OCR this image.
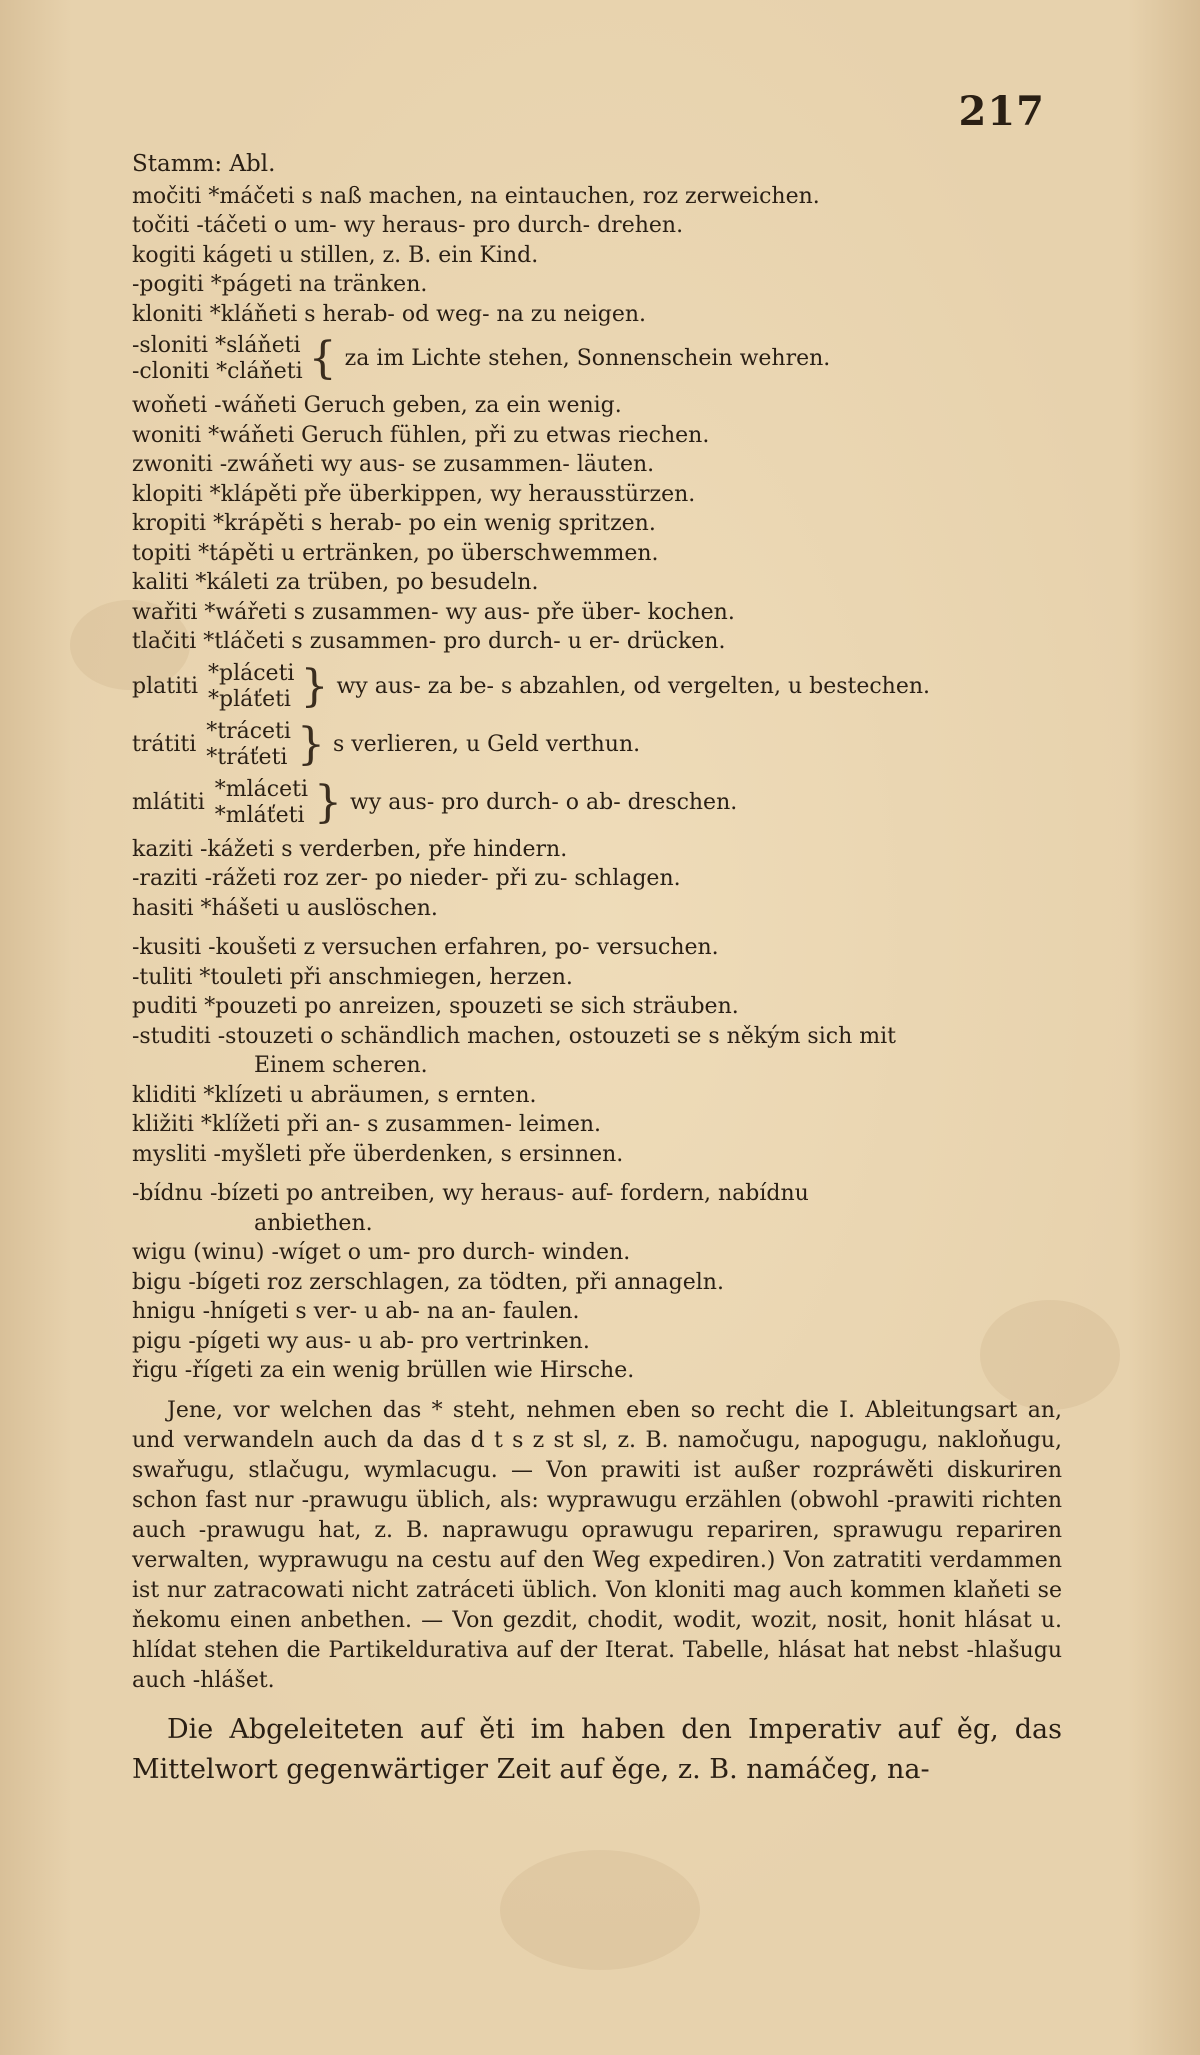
217

Stamm: Abl.

močiti *máčeti s naß machen, na eintauchen, roz zerweichen.

točiti -táčeti o um- wy heraus- pro durch- drehen.

kogiti kágeti u stillen, z. B. ein Kind.

-pogiti *págeti na tränken.

kloniti *kláňeti s herab- od weg- na zu neigen.

-sloniti *sláňeti
-cloniti *cláňeti { za im Lichte stehen, Sonnenschein wehren.

woňeti -wáňeti Geruch geben, za ein wenig.

woniti *wáňeti Geruch fühlen, při zu etwas riechen.

zwoniti -zwáňeti wy aus- se zusammen- läuten.

klopiti *klápěti pře überkippen, wy herausstürzen.

kropiti *krápěti s herab- po ein wenig spritzen.

topiti *tápěti u ertränken, po überschwemmen.

kaliti *káleti za trüben, po besudeln.

wařiti *wářeti s zusammen- wy aus- pře über- kochen.

tlačiti *tláčeti s zusammen- pro durch- u er- drücken.

platiti
*pláceti
*pláťeti } wy aus- za be- s abzahlen, od vergelten, u bestechen.
trátiti
*tráceti
*tráťeti } s verlieren, u Geld verthun.
mlátiti
*mláceti
*mláťeti } wy aus- pro durch- o ab- dreschen.

kaziti -kážeti s verderben, pře hindern.

-raziti -rážeti roz zer- po nieder- při zu- schlagen.

hasiti *hášeti u auslöschen.

-kusiti -koušeti z versuchen erfahren, po- versuchen.

-tuliti *touleti při anschmiegen, herzen.

puditi *pouzeti po anreizen, spouzeti se sich sträuben.

-studiti -stouzeti o schändlich machen, ostouzeti se s někým sich mit

Einem scheren.

kliditi *klízeti u abräumen, s ernten.

kližiti *klížeti při an- s zusammen- leimen.

mysliti -myšleti pře überdenken, s ersinnen.

-bídnu -bízeti po antreiben, wy heraus- auf- fordern, nabídnu

anbiethen.

wigu (winu) -wíget o um- pro durch- winden.

bigu -bígeti roz zerschlagen, za tödten, při annageln.

hnigu -hnígeti s ver- u ab- na an- faulen.

pigu -pígeti wy aus- u ab- pro vertrinken.

řigu -řígeti za ein wenig brüllen wie Hirsche.

Jene, vor welchen das * steht, nehmen eben so recht die I. Ableitungsart an, und verwandeln auch da das d t s z st sl, z. B. namočugu, napogugu, nakloňugu, swařugu, stlačugu, wymlacugu. — Von prawiti ist außer rozpráwěti diskuriren schon fast nur -prawugu üblich, als: wyprawugu erzählen (obwohl -prawiti richten auch -prawugu hat, z. B. naprawugu oprawugu repariren, sprawugu repariren verwalten, wyprawugu na cestu auf den Weg expediren.) Von zatratiti verdammen ist nur zatracowati nicht zatráceti üblich. Von kloniti mag auch kommen klaňeti se ňekomu einen anbethen. — Von gezdit, chodit, wodit, wozit, nosit, honit hlásat u. hlídat stehen die Partikeldurativa auf der Iterat. Tabelle, hlásat hat nebst -hlašugu auch -hlášet.

Die Abgeleiteten auf ěti im haben den Imperativ auf ěg, das Mittelwort gegenwärtiger Zeit auf ěge, z. B. namáčeg, na-
